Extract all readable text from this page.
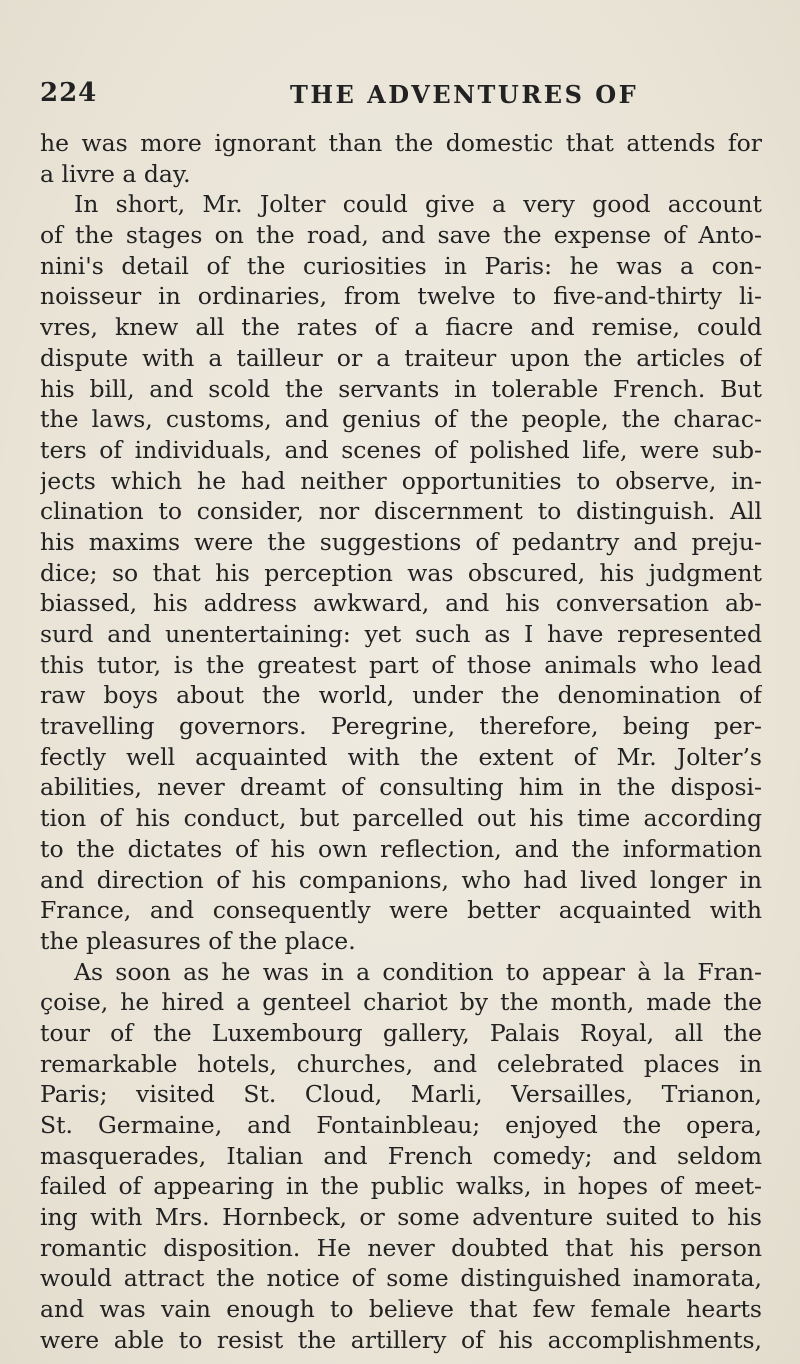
224	THE ADVENTURES OF
he was more ignorant than the domestic that attends for
a livre a day.
In short, Mr. Jolter could give a very good account
of the stages on the road, and save the expense of Anto-
nini's detail of the curiosities in Paris: he was a con-
noisseur in ordinaries, from twelve to five-and-thirty li-
vres, knew all the rates of a fiacre and remise, could
dispute with a tailleur or a traiteur upon the articles of
his bill, and scold the servants in tolerable French. But
the laws, customs, and genius of the people, the charac-
ters of individuals, and scenes of polished life, were sub-
jects which he had neither opportunities to observe, in-
clination to consider, nor discernment to distinguish. All
his maxims were the suggestions of pedantry and preju-
dice; so that his perception was obscured, his judgment
biassed, his address awkward, and his conversation ab-
surd and unentertaining: yet such as I have represented
this tutor, is the greatest part of those animals who lead
raw boys about the world, under the denomination of
travelling governors. Peregrine, therefore, being per-
fectly well acquainted with the extent of Mr. Jolter’s
abilities, never dreamt of consulting him in the disposi-
tion of his conduct, but parcelled out his time according
to the dictates of his own reflection, and the information
and direction of his companions, who had lived longer in
France, and consequently were better acquainted with
the pleasures of the place.
As soon as he was in a condition to appear à la Fran-
çoise, he hired a genteel chariot by the month, made the
tour of the Luxembourg gallery, Palais Royal, all the
remarkable hotels, churches, and celebrated places in
Paris; visited St. Cloud, Marli, Versailles, Trianon,
St. Germaine, and Fontainbleau; enjoyed the opera,
masquerades, Italian and French comedy; and seldom
failed of appearing in the public walks, in hopes of meet-
ing with Mrs. Hornbeck, or some adventure suited to his
romantic disposition. He never doubted that his person
would attract the notice of some distinguished inamorata,
and was vain enough to believe that few female hearts
were able to resist the artillery of his accomplishments,
